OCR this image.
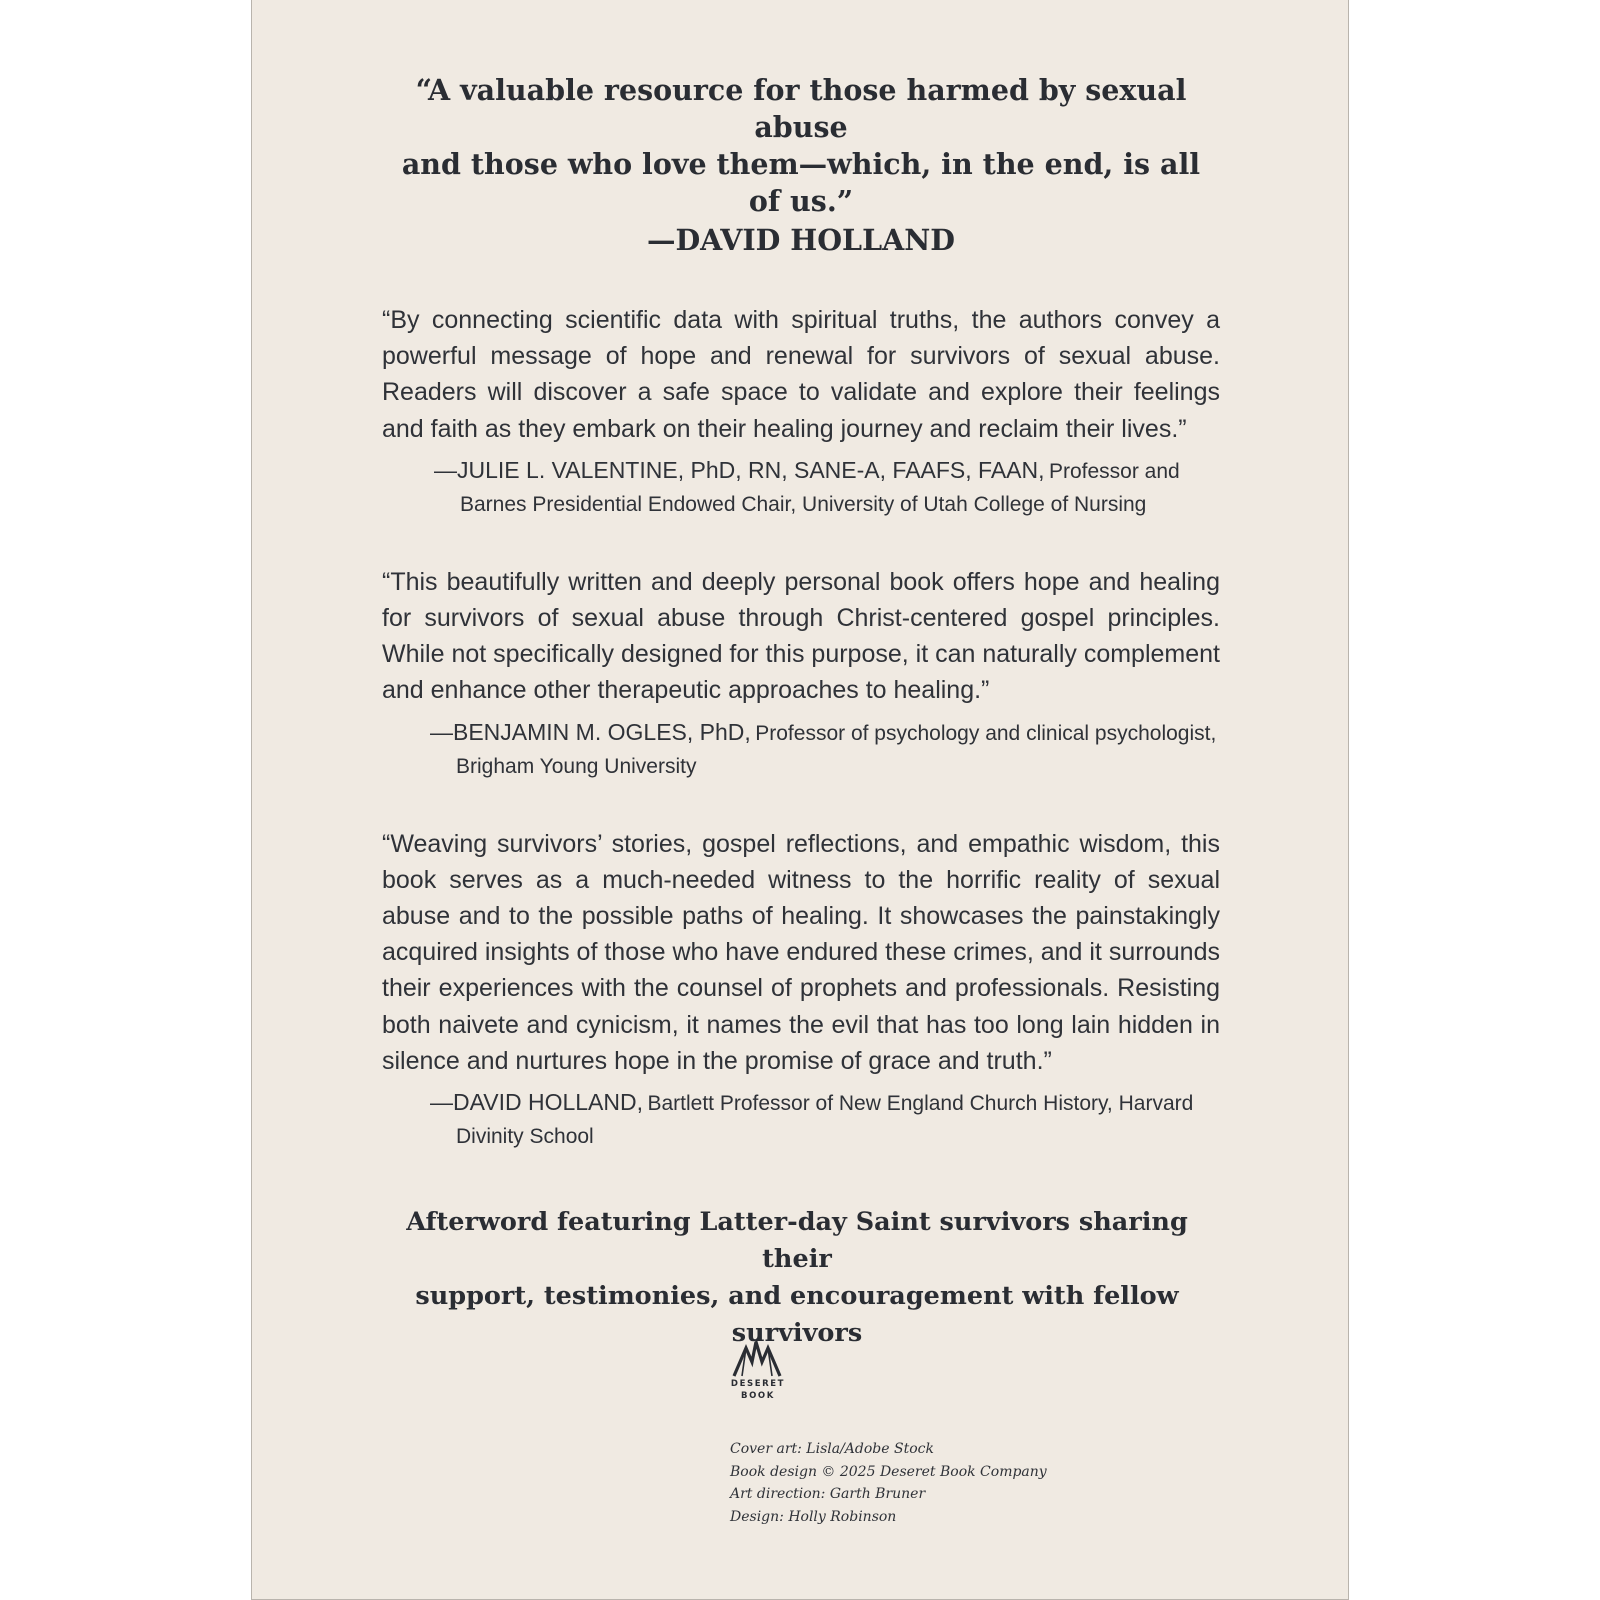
“A valuable resource for those harmed by sexual abuse

and those who love them—which, in the end, is all of us.”

—DAVID HOLLAND

“By connecting scientific data with spiritual truths, the authors convey a powerful message of hope and renewal for survivors of sexual abuse. Readers will discover a safe space to validate and explore their feelings and faith as they embark on their healing journey and reclaim their lives.”

—JULIE L. VALENTINE, PhD, RN, SANE-A, FAAFS, FAAN, Professor and Barnes Presidential Endowed Chair, University of Utah College of Nursing

“This beautifully written and deeply personal book offers hope and healing for survivors of sexual abuse through Christ-centered gospel principles. While not specifically designed for this purpose, it can naturally complement and enhance other therapeutic approaches to healing.”

—BENJAMIN M. OGLES, PhD, Professor of psychology and clinical psychologist, Brigham Young University

“Weaving survivors’ stories, gospel reflections, and empathic wisdom, this book serves as a much-needed witness to the horrific reality of sexual abuse and to the possible paths of healing. It showcases the painstakingly acquired insights of those who have endured these crimes, and it surrounds their experiences with the counsel of prophets and professionals. Resisting both naivete and cynicism, it names the evil that has too long lain hidden in silence and nurtures hope in the promise of grace and truth.”

—DAVID HOLLAND, Bartlett Professor of New England Church History, Harvard Divinity School

Afterword featuring Latter-day Saint survivors sharing their
support, testimonies, and encouragement with fellow survivors
DESERET
BOOK
Cover art: Lisla/Adobe Stock
Book design © 2025 Deseret Book Company
Art direction: Garth Bruner
Design: Holly Robinson
